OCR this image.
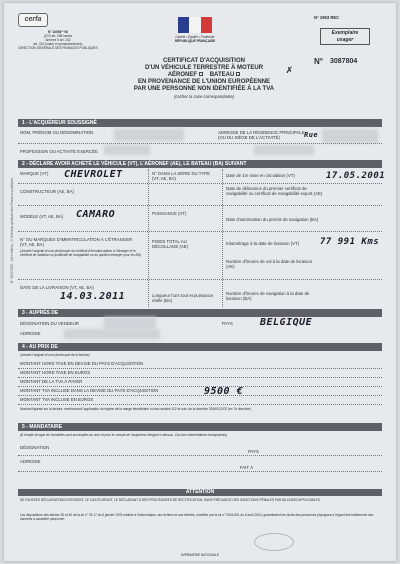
cerfa
N° 10069 * 06
(CGI art. 298 sexies
Annexe II art. 242
art. 242 (suite) et quinquiesdecies)
DIRECTION GÉNÉRALE DES FINANCES PUBLIQUES
Liberté • Égalité • Fraternité
RÉPUBLIQUE FRANÇAISE
N° 1993 REC
Exemplaire
usager
N° 3087804
CERTIFICAT D'ACQUISITION
D'UN VÉHICULE TERRESTRE À MOTEUR
AÉRONEF BATEAU
EN PROVENANCE DE L'UNION EUROPÉENNE
PAR UNE PERSONNE NON IDENTIFIÉE À LA TVA
(cocher la case correspondante)
✗
1 - L'ACQUÉREUR SOUSSIGNÉ
NOM, PRÉNOM OU DÉNOMINATION	ADRESSE DE LA RÉSIDENCE PRINCIPALE (OU DU SIÈGE DE L'ACTIVITÉ)	Rue
PROFESSION OU ACTIVITÉ EXERCÉE
2 - DÉCLARE AVOIR ACHETÉ LE VÉHICULE (VT), L'AÉRONEF (AE), LE BATEAU (BA) SUIVANT
MARQUE (VT) CHEVROLET	N° DANS LA SÉRIE DU TYPE (VT, AE, BA)
Date de 1re mise en circulation (VT)	17.05.2001
CONSTRUCTEUR (AE, BA)
Date de délivrance du premier certificat de navigabilité ou certificat de navigabilité export (AE)
MODÈLE (VT, AE, BA) CAMARO	PUISSANCE (VT)
Date d'autorisation du permis de navigation (BA)
N° OU MARQUES D'IMMATRICULATION À L'ÉTRANGER (VT, AE, BA)
(Joindre l'original et une photocopie du certificat d'immatriculation à l'étranger et le certificat de radiation ou justificatif de navigabilité ou du pavillon étranger pour les BA)
POIDS TOTAL AU DÉCOLLAGE (AE)
Kilométrage à la date de livraison (VT)	77 991 Kms
Nombre d'heures de vol à la date de livraison (AE)
DATE DE LA LIVRAISON (VT, AE, BA)
14.03.2011	Longueur hors tout et puissance réelle (BA)
Nombre d'heures de navigation à la date de livraison (BA)
3 - AUPRÈS DE
DÉSIGNATION DU VENDEUR	PAYS	BELGIQUE
ADRESSE
4 - AU PRIX DE
(Joindre l'original et une photocopie de la facture)
MONTANT HORS TAXE EN DEVISE DU PAYS D'ACQUISITION
MONTANT HORS TAXE EN EUROS
MONTANT DE LA TVA À PAYER
MONTANT TVA INCLUSE DANS LA DEVISE DU PAYS D'ACQUISITION	9500 €
MONTANT TVA INCLUSE EN EUROS
Montant figurant sur la facture, mentionnant l'application du régime de la marge bénéficiaire ou des articles 312 et suiv. de la directive 2006/112/CE (ex 7e directive)
5 - MANDATAIRE
(À remplir lorsque les formalités sont accomplies au nom et pour le compte de l'acquéreur désigné ci-dessus. Cas des intermédiaires transparents)
DÉSIGNATION
PAYS
ADRESSE
FAIT À
ATTENTION
DE FAUSSES DÉCLARATIONS EXPOSENT, LE CAS ÉCHÉANT, LE DÉCLARANT À DES PROCÉDURES DE RECTIFICATION, SANS PRÉJUDICE DES SANCTIONS PÉNALES PAR AILLEURS APPLICABLES.
Les dispositions des articles 30 et 40 de la loi n° 78-17 du 6 janvier 1978 relative à l'informatique, aux fichiers et aux libertés, modifiée par la loi n° 2004-801 du 6 août 2004, garantissent les droits des personnes physiques à l'égard des traitements des données à caractère personnel.
N° 1993 REC - 1ère édition - © Direction générale des Finances publiques
IMPRIMERIE NATIONALE
